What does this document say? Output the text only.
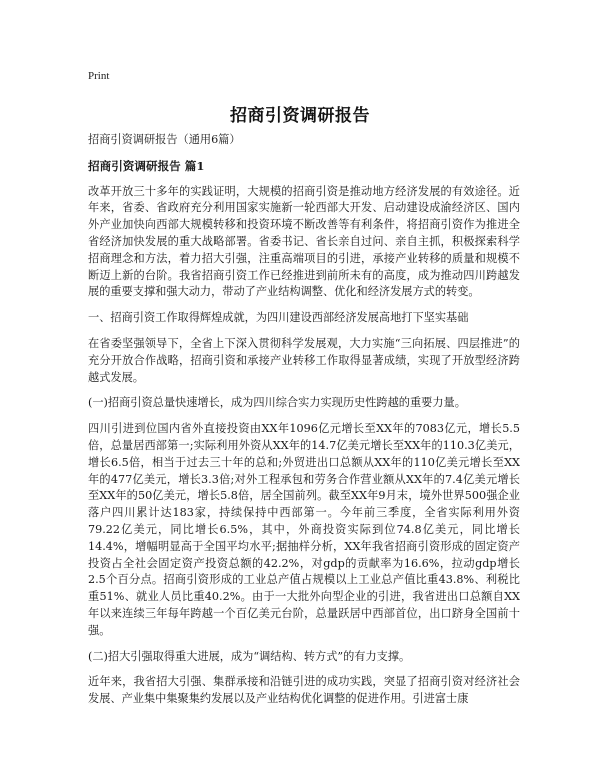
Print
招商引资调研报告

招商引资调研报告（通用6篇）

招商引资调研报告 篇1

改革开放三十多年的实践证明，大规模的招商引资是推动地方经济发展的有效途径。近年来，省委、省政府充分利用国家实施新一轮西部大开发、启动建设成渝经济区、国内外产业加快向西部大规模转移和投资环境不断改善等有利条件，将招商引资作为推进全省经济加快发展的重大战略部署。省委书记、省长亲自过问、亲自主抓，积极探索科学招商理念和方法，着力招大引强，注重高端项目的引进，承接产业转移的质量和规模不断迈上新的台阶。我省招商引资工作已经推进到前所未有的高度，成为推动四川跨越发展的重要支撑和强大动力，带动了产业结构调整、优化和经济发展方式的转变。

一、招商引资工作取得辉煌成就，为四川建设西部经济发展高地打下坚实基础

在省委坚强领导下，全省上下深入贯彻科学发展观，大力实施“三向拓展、四层推进”的充分开放合作战略，招商引资和承接产业转移工作取得显著成绩，实现了开放型经济跨越式发展。

(一)招商引资总量快速增长，成为四川综合实力实现历史性跨越的重要力量。

四川引进到位国内省外直接投资由XX年1096亿元增长至XX年的7083亿元，增长5.5倍，总量居西部第一;实际利用外资从XX年的14.7亿美元增长至XX年的110.3亿美元，增长6.5倍，相当于过去三十年的总和;外贸进出口总额从XX年的110亿美元增长至XX年的477亿美元，增长3.3倍;对外工程承包和劳务合作营业额从XX年的7.4亿美元增长至XX年的50亿美元，增长5.8倍，居全国前列。截至XX年9月末，境外世界500强企业落户四川累计达183家，持续保持中西部第一。今年前三季度，全省实际利用外资79.22亿美元，同比增长6.5%，其中，外商投资实际到位74.8亿美元，同比增长14.4%，增幅明显高于全国平均水平;据抽样分析，XX年我省招商引资形成的固定资产投资占全社会固定资产投资总额的42.2%，对gdp的贡献率为16.6%，拉动gdp增长2.5个百分点。招商引资形成的工业总产值占规模以上工业总产值比重43.8%、利税比重51%、就业人员比重40.2%。由于一大批外向型企业的引进，我省进出口总额自XX年以来连续三年每年跨越一个百亿美元台阶，总量跃居中西部首位，出口跻身全国前十强。

(二)招大引强取得重大进展，成为“调结构、转方式”的有力支撑。

近年来，我省招大引强、集群承接和沿链引进的成功实践，突显了招商引资对经济社会发展、产业集中集聚集约发展以及产业结构优化调整的促进作用。引进富士康
